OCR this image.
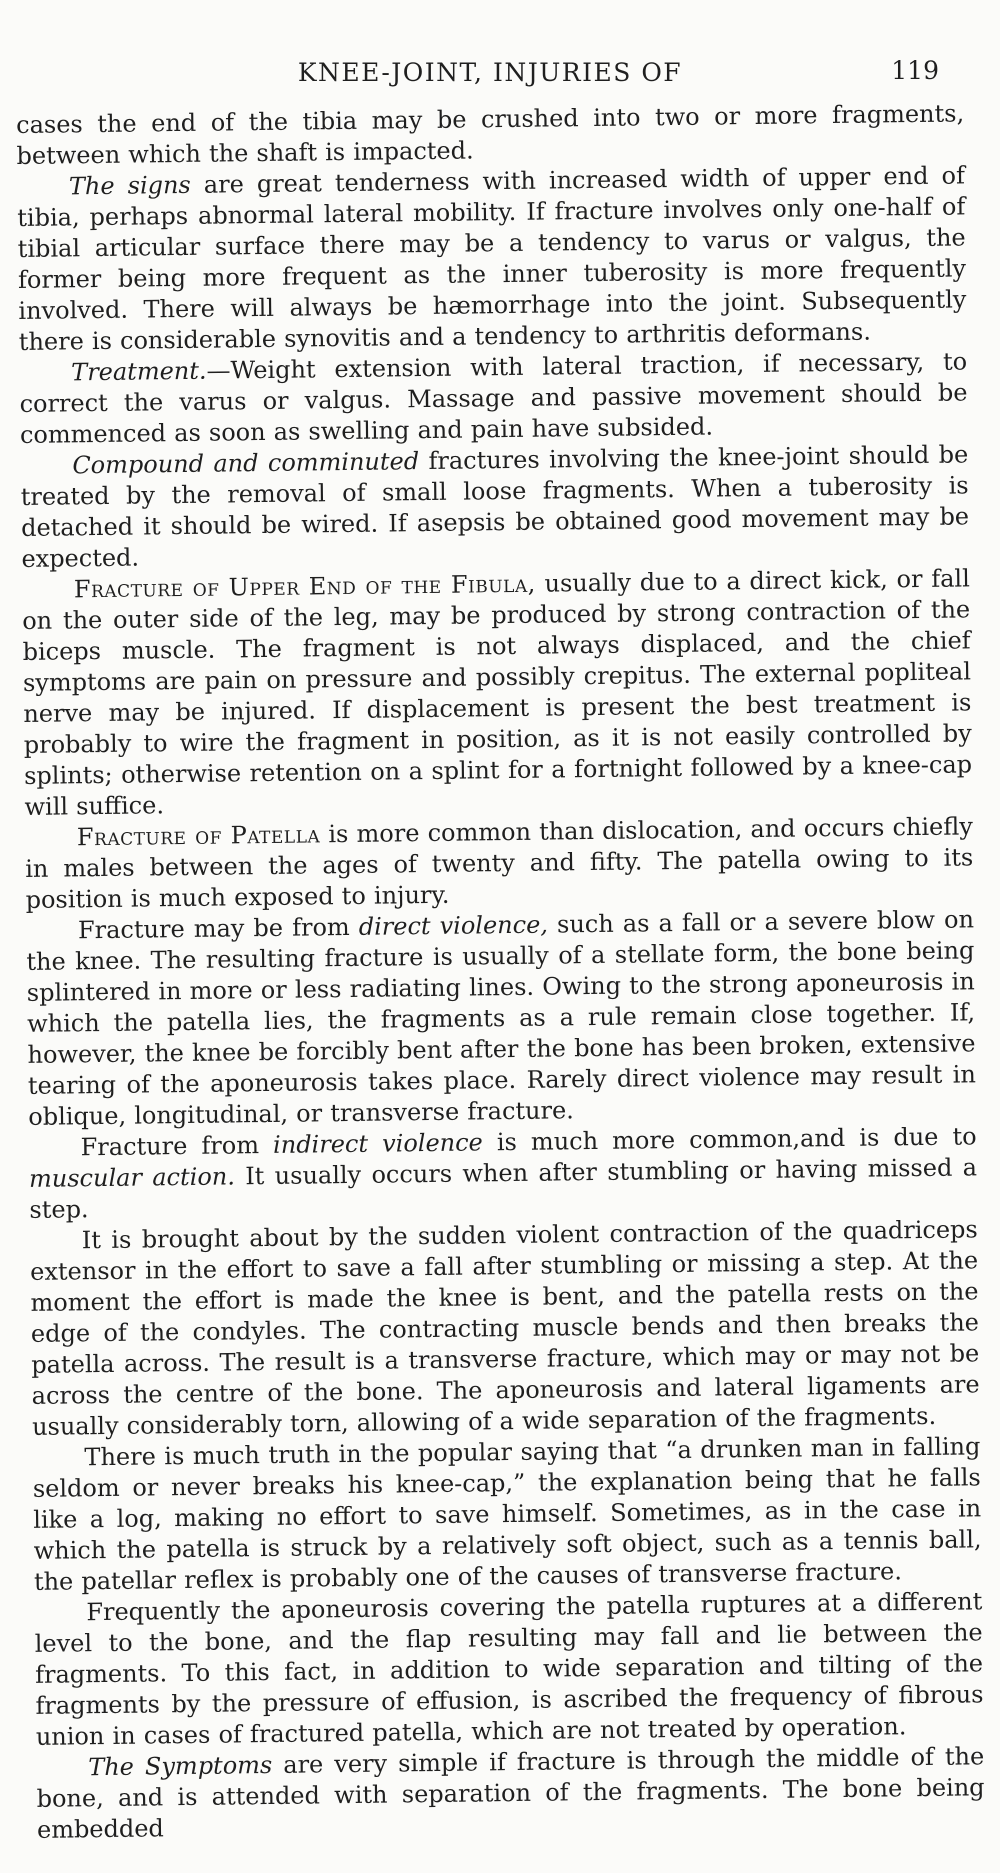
KNEE-JOINT, INJURIES OF	119

cases the end of the tibia may be crushed into two or more fragments, between which the shaft is impacted.

The signs are great tenderness with increased width of upper end of tibia, perhaps abnormal lateral mobility. If fracture involves only one-half of tibial articular surface there may be a tendency to varus or valgus, the former being more frequent as the inner tuberosity is more frequently involved. There will always be hæmorrhage into the joint. Subsequently there is considerable synovitis and a tendency to arthritis deformans.

Treatment.—Weight extension with lateral traction, if necessary, to correct the varus or valgus. Massage and passive movement should be commenced as soon as swelling and pain have subsided.

Compound and comminuted fractures involving the knee-joint should be treated by the removal of small loose fragments. When a tuberosity is detached it should be wired. If asepsis be obtained good movement may be expected.

Fracture of Upper End of the Fibula, usually due to a direct kick, or fall on the outer side of the leg, may be produced by strong contraction of the biceps muscle. The fragment is not always displaced, and the chief symptoms are pain on pressure and possibly crepitus. The external popliteal nerve may be injured. If displacement is present the best treatment is probably to wire the fragment in position, as it is not easily controlled by splints; otherwise retention on a splint for a fortnight followed by a knee-cap will suffice.

Fracture of Patella is more common than dislocation, and occurs chiefly in males between the ages of twenty and fifty. The patella owing to its position is much exposed to injury.

Fracture may be from direct violence, such as a fall or a severe blow on the knee. The resulting fracture is usually of a stellate form, the bone being splintered in more or less radiating lines. Owing to the strong aponeurosis in which the patella lies, the fragments as a rule remain close together. If, however, the knee be forcibly bent after the bone has been broken, extensive tearing of the aponeurosis takes place. Rarely direct violence may result in oblique, longitudinal, or transverse fracture.

Fracture from indirect violence is much more common,and is due to muscular action. It usually occurs when after stumbling or having missed a step.

It is brought about by the sudden violent contraction of the quadriceps extensor in the effort to save a fall after stumbling or missing a step. At the moment the effort is made the knee is bent, and the patella rests on the edge of the condyles. The contracting muscle bends and then breaks the patella across. The result is a transverse fracture, which may or may not be across the centre of the bone. The aponeurosis and lateral ligaments are usually considerably torn, allowing of a wide separation of the fragments.

There is much truth in the popular saying that “a drunken man in falling seldom or never breaks his knee-cap,” the explanation being that he falls like a log, making no effort to save himself. Sometimes, as in the case in which the patella is struck by a relatively soft object, such as a tennis ball, the patellar reflex is probably one of the causes of transverse fracture.

Frequently the aponeurosis covering the patella ruptures at a different level to the bone, and the flap resulting may fall and lie between the fragments. To this fact, in addition to wide separation and tilting of the fragments by the pressure of effusion, is ascribed the frequency of fibrous union in cases of fractured patella, which are not treated by operation.

The Symptoms are very simple if fracture is through the middle of the bone, and is attended with separation of the fragments. The bone being embedded
